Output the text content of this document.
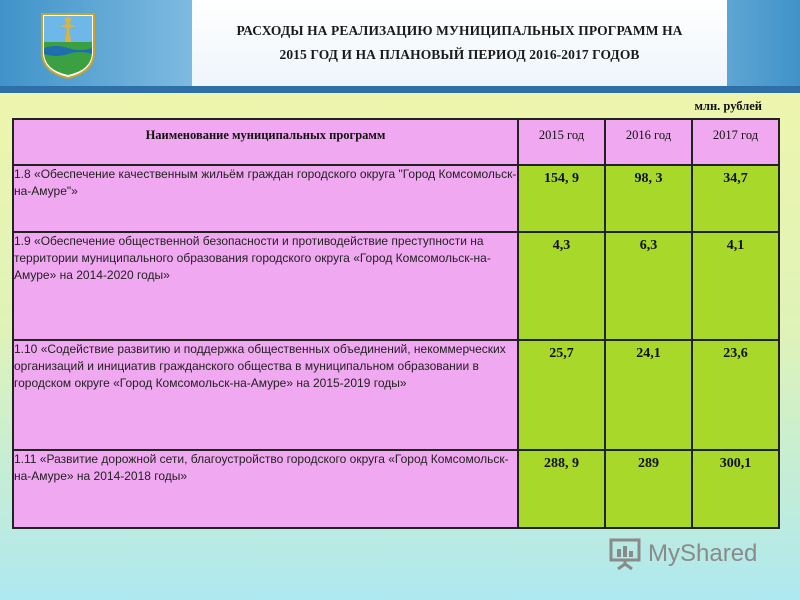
РАСХОДЫ НА РЕАЛИЗАЦИЮ МУНИЦИПАЛЬНЫХ ПРОГРАММ НА
2015 ГОД И НА ПЛАНОВЫЙ ПЕРИОД 2016-2017 ГОДОВ
млн. рублей
Наименование муниципальных программ	2015 год	2016 год	2017 год

1.8 «Обеспечение качественным жильём граждан городского округа "Город Комсомольск-на-Амуре"»	154, 9	98, 3	34,7

1.9 «Обеспечение общественной безопасности и противодействие преступности на территории муниципального образования городского округа «Город Комсомольск-на-Амуре» на 2014-2020 годы»	4,3	6,3	4,1

1.10 «Содействие развитию и поддержка общественных объединений, некоммерческих организаций и инициатив гражданского общества в муниципальном образовании в городском округе «Город Комсомольск-на-Амуре» на 2015-2019 годы»	25,7	24,1	23,6

1.11 «Развитие дорожной сети, благоустройство городского округа «Город Комсомольск-на-Амуре» на 2014-2018 годы»	288, 9	289	300,1
MyShared
